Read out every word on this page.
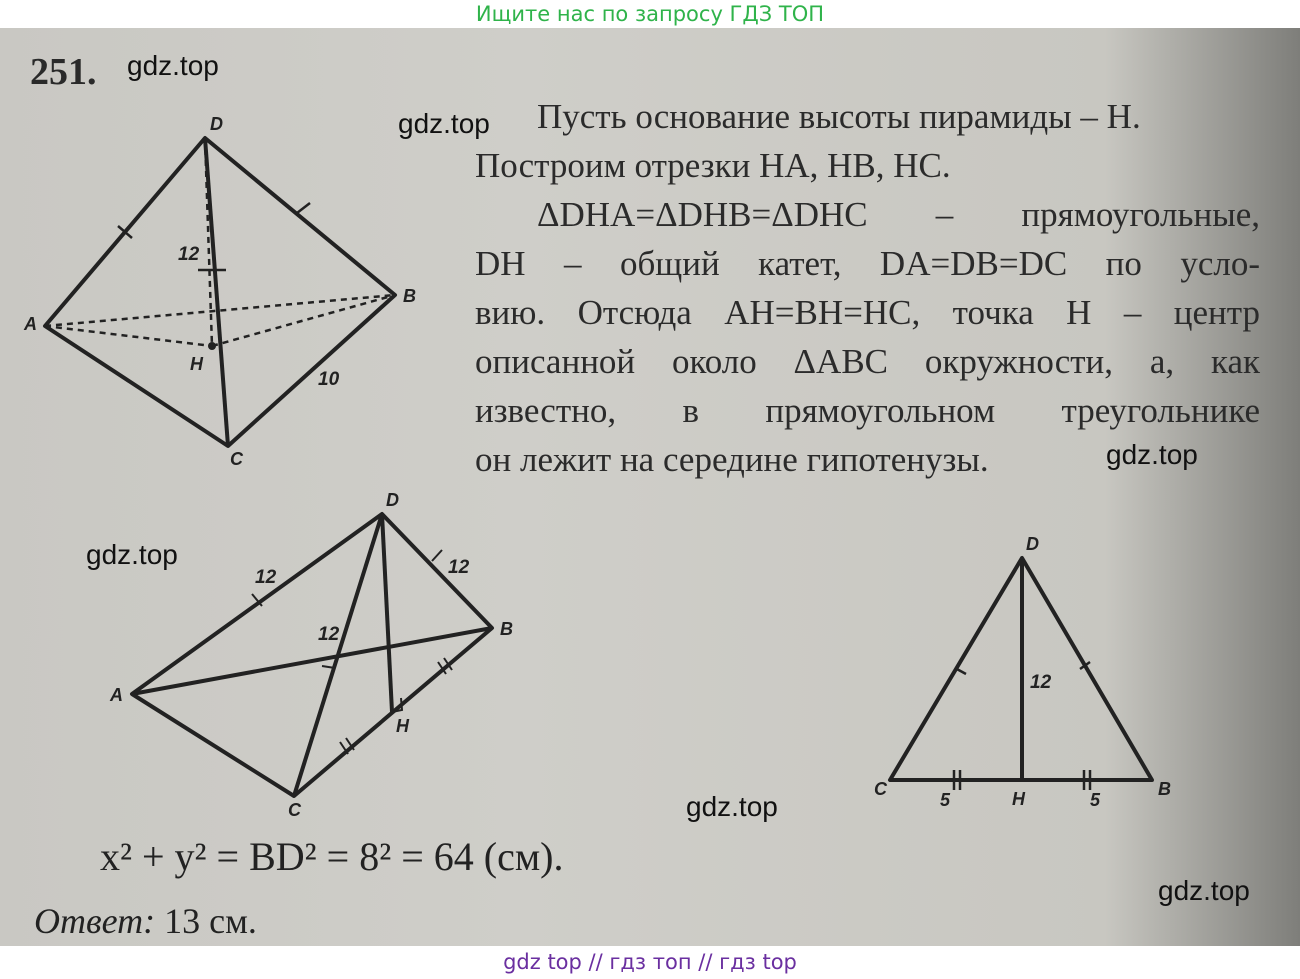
Ищите нас по запросу ГДЗ ТОП
251. gdz.top
gdz.top
gdz.top
gdz.top
gdz.top
gdz.top
Пусть основание высоты пирамиды – Н.
Построим отрезки HA, HB, HC.
ΔDHA=ΔDHB=ΔDHC – прямоугольные,
DH – общий катет, DA=DB=DC по усло-
вию. Отсюда AH=BH=HC, точка H – центр
описанной около ΔABC окружности, а, как
известно, в прямоугольном треугольнике
он лежит на середине гипотенузы.
D
A
B
C
H
12
10
D
A
B
C
H
12	12
12
D
C	B
H
12
5	5
x² + y² = BD² = 8² = 64 (см).
Ответ: 13 см.
gdz top // гдз топ // гдз top
